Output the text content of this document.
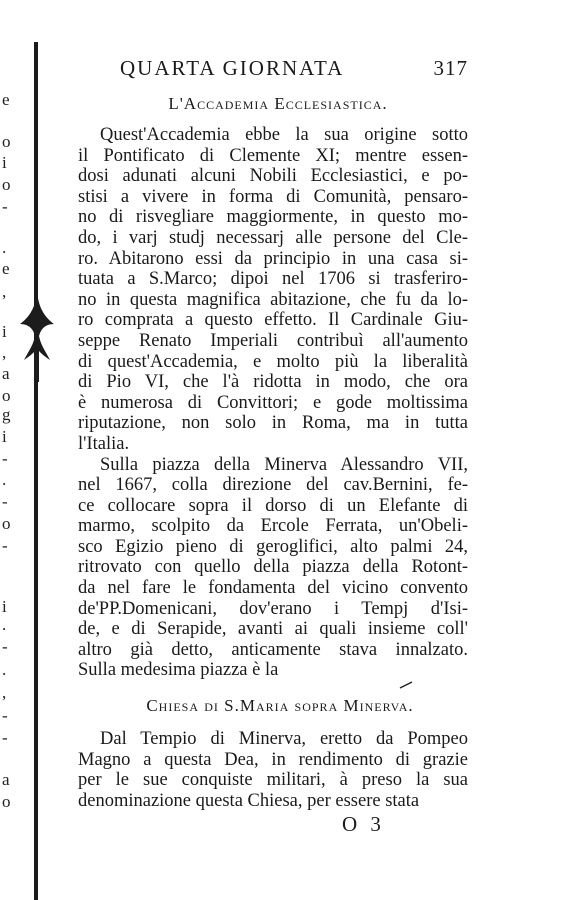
e
o
i
o
-
.
e
,
i
,
a
o
g
i
-
.
-
o
-
i
.
-
.
,
-
-
a
o
QUARTA GIORNATA	317
L'Accademia Ecclesiastica.
Quest'Accademia ebbe la sua origine sotto
il Pontificato di Clemente XI; mentre essen-
dosi adunati alcuni Nobili Ecclesiastici, e po-
stisi a vivere in forma di Comunità, pensaro-
no di risvegliare maggiormente, in questo mo-
do, i varj studj necessarj alle persone del Cle-
ro. Abitarono essi da principio in una casa si-
tuata a S.Marco; dipoi nel 1706 si trasferiro-
no in questa magnifica abitazione, che fu da lo-
ro comprata a questo effetto. Il Cardinale Giu-
seppe Renato Imperiali contribuì all'aumento
di quest'Accademia, e molto più la liberalità
di Pio VI, che l'à ridotta in modo, che ora
è numerosa di Convittori; e gode moltissima
riputazione, non solo in Roma, ma in tutta
l'Italia.
Sulla piazza della Minerva Alessandro VII,
nel 1667, colla direzione del cav.Bernini, fe-
ce collocare sopra il dorso di un Elefante di
marmo, scolpito da Ercole Ferrata, un'Obeli-
sco Egizio pieno di geroglifici, alto palmi 24,
ritrovato con quello della piazza della Rotont-
da nel fare le fondamenta del vicino convento
de'PP.Domenicani, dov'erano i Tempj d'Isi-
de, e di Serapide, avanti ai quali insieme coll'
altro già detto, anticamente stava innalzato.
Sulla medesima piazza è la
Chiesa di S.Maria sopra Minerva.
Dal Tempio di Minerva, eretto da Pompeo
Magno a questa Dea, in rendimento di grazie
per le sue conquiste militari, à preso la sua
denominazione questa Chiesa, per essere stata
O 3
